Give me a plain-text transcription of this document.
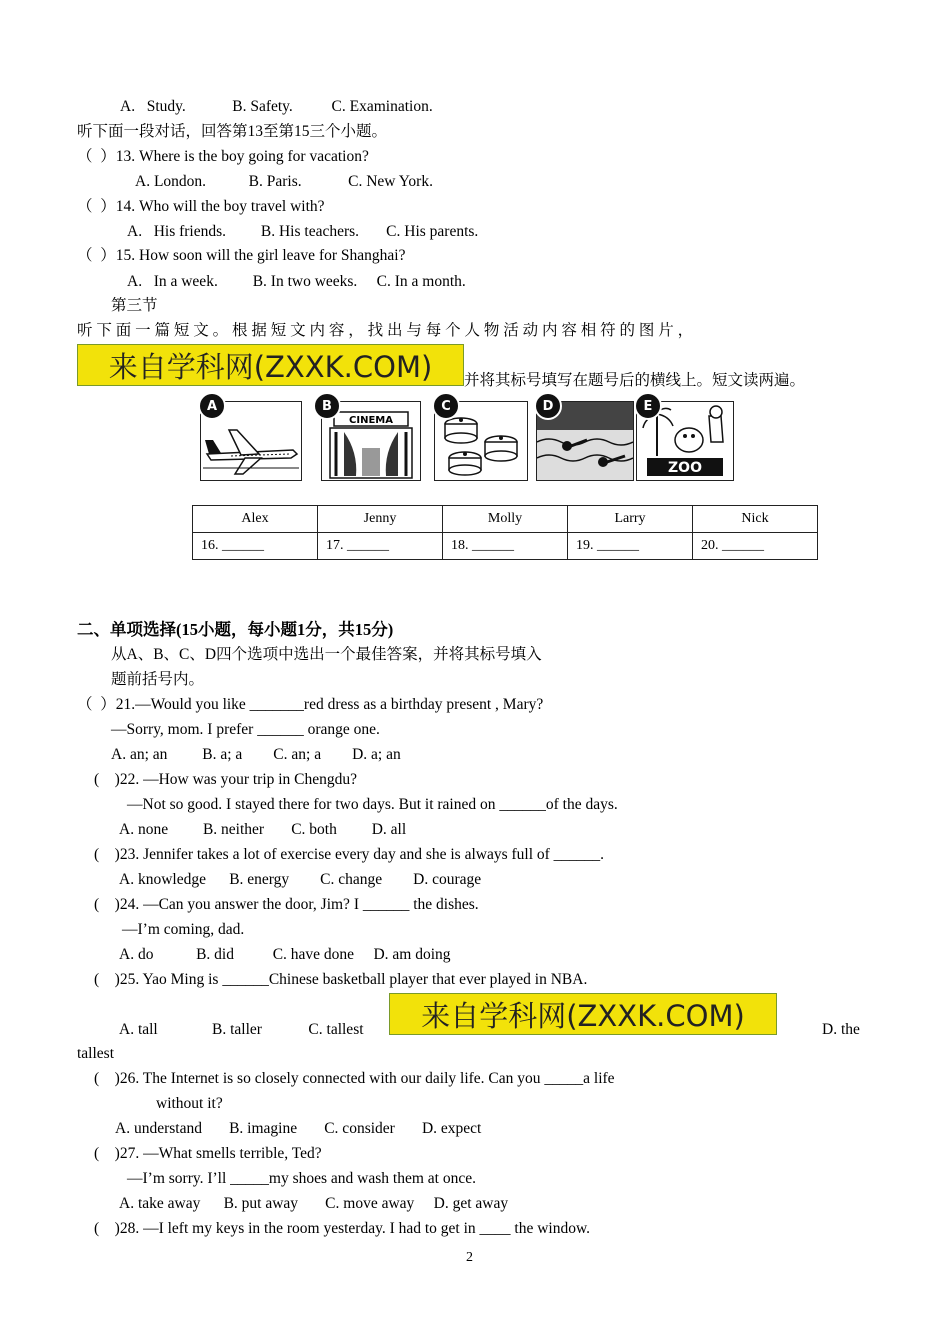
A.   Study.            B. Safety.          C. Examination.
听下面一段对话，回答第13至第15三个小题。
（  ）13. Where is the boy going for vacation?
A. London.           B. Paris.            C. New York.
（  ）14. Who will the boy travel with?
A.   His friends.         B. His teachers.       C. His parents.
（  ）15. How soon will the girl leave for Shanghai?
A.   In a week.         B. In two weeks.     C. In a month.
第三节
听 下 面 一 篇 短 文 。 根 据 短 文 内 容 ， 找 出 与 每 个 人 物 活 动 内 容 相 符 的 图 片 ，
来自学科网(ZXXK.COM)	并将其标号填写在题号后的横线上。短文读两遍。
A
CINEMA
B	C	D
ZOO
E
Alex	Jenny	Molly	Larry	Nick
16. ______	17. ______	18. ______	19. ______	20. ______
二、单项选择(15小题，每小题1分，共15分)
从A、B、C、D四个选项中选出一个最佳答案，并将其标号填入
题前括号内。
（  ）21.—Would you like _______red dress as a birthday present , Mary?
—Sorry, mom. I prefer ______ orange one.
A. an; an         B. a; a        C. an; a        D. a; an
(    )22. —How was your trip in Chengdu?
—Not so good. I stayed there for two days. But it rained on ______of the days.
A. none         B. neither       C. both         D. all
(    )23. Jennifer takes a lot of exercise every day and she is always full of ______.
A. knowledge      B. energy        C. change        D. courage
(    )24. —Can you answer the door, Jim? I ______ the dishes.
—I’m coming, dad.
A. do           B. did          C. have done     D. am doing
(    )25. Yao Ming is ______Chinese basketball player that ever played in NBA.
A. tall              B. taller            C. tallest	来自学科网(ZXXK.COM)	D. the
tallest
(    )26. The Internet is so closely connected with our daily life. Can you _____a life
without it?
A. understand       B. imagine       C. consider       D. expect
(    )27. —What smells terrible, Ted?
—I’m sorry. I’ll _____my shoes and wash them at once.
A. take away      B. put away       C. move away     D. get away
(    )28. —I left my keys in the room yesterday. I had to get in ____ the window.
2
